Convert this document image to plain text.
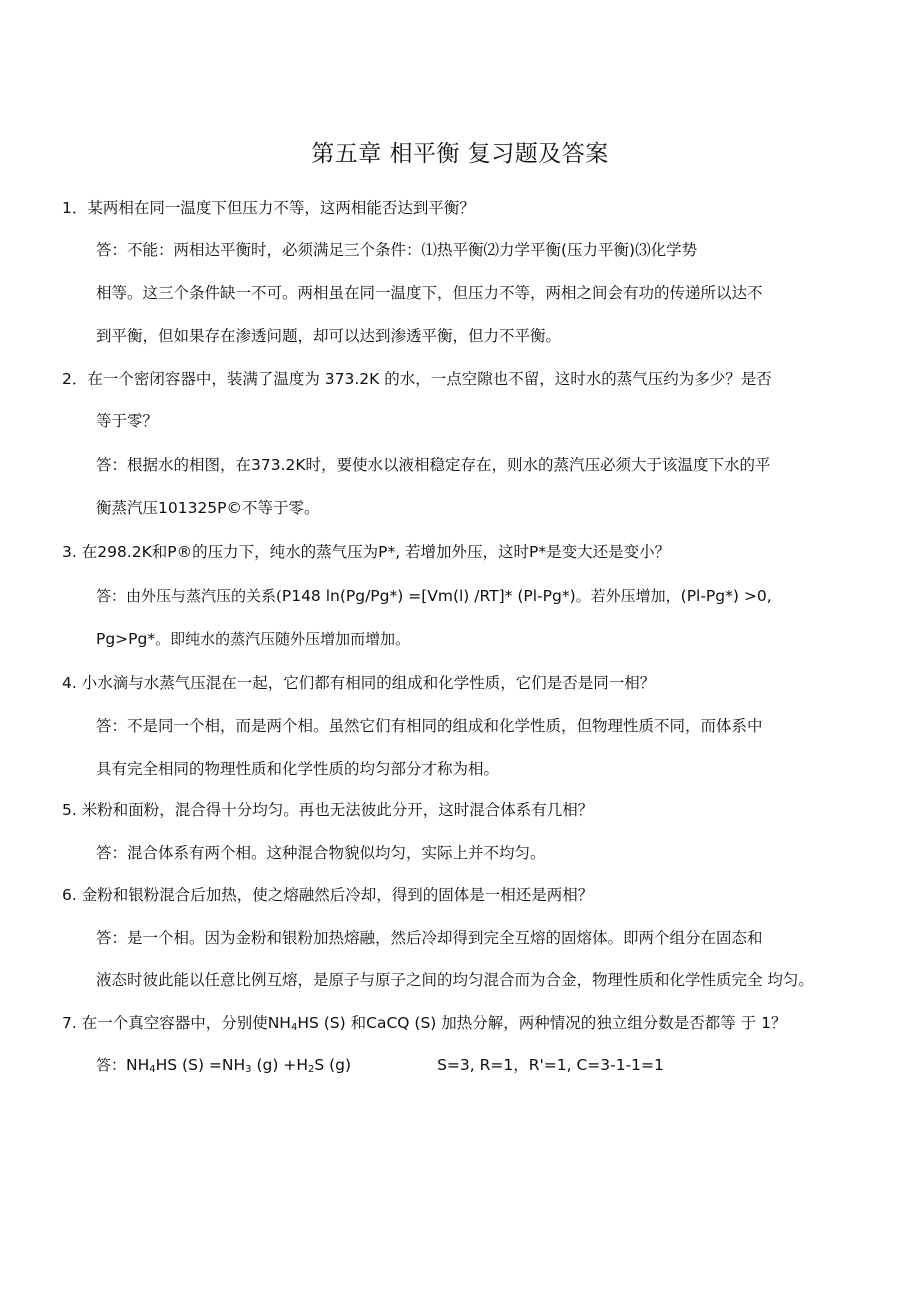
第五章 相平衡 复习题及答案
1．某两相在同一温度下但压力不等，这两相能否达到平衡？
答：不能：两相达平衡时，必须满足三个条件：⑴热平衡⑵力学平衡(压力平衡)⑶化学势
相等。这三个条件缺一不可。两相虽在同一温度下，但压力不等，两相之间会有功的传递所以达不
到平衡，但如果存在渗透问题，却可以达到渗透平衡，但力不平衡。
2．在一个密闭容器中，装满了温度为 373.2K 的水，一点空隙也不留，这时水的蒸气压约为多少？是否
等于零？
答：根据水的相图，在373.2K时，要使水以液相稳定存在，则水的蒸汽压必须大于该温度下水的平
衡蒸汽压101325P©不等于零。
3. 在298.2K和P®的压力下，纯水的蒸气压为P*, 若增加外压，这时P*是变大还是变小？
答：由外压与蒸汽压的关系(P148 ln(Pg/Pg*) =[Vm(l) /RT]* (Pl-Pg*)。若外压增加，(Pl-Pg*) >0,
Pg>Pg*。即纯水的蒸汽压随外压增加而增加。
4. 小水滴与水蒸气压混在一起，它们都有相同的组成和化学性质，它们是否是同一相？
答：不是同一个相，而是两个相。虽然它们有相同的组成和化学性质，但物理性质不同，而体系中
具有完全相同的物理性质和化学性质的均匀部分才称为相。
5. 米粉和面粉，混合得十分均匀。再也无法彼此分开，这时混合体系有几相？
答：混合体系有两个相。这种混合物貌似均匀，实际上并不均匀。
6. 金粉和银粉混合后加热，使之熔融然后冷却，得到的固体是一相还是两相？
答：是一个相。因为金粉和银粉加热熔融，然后冷却得到完全互熔的固熔体。即两个组分在固态和
液态时彼此能以任意比例互熔，是原子与原子之间的均匀混合而为合金，物理性质和化学性质完全 均匀。
7. 在一个真空容器中，分别使$NH_4HS$ (S) 和CaCQ (S) 加热分解，两种情况的独立组分数是否都等 于 1？
答：$NH_4HS$ $(S) =NH_3$ $(g) +H_2S$ (g)	S=3, R=1，R'=1, C=3-1-1=1
